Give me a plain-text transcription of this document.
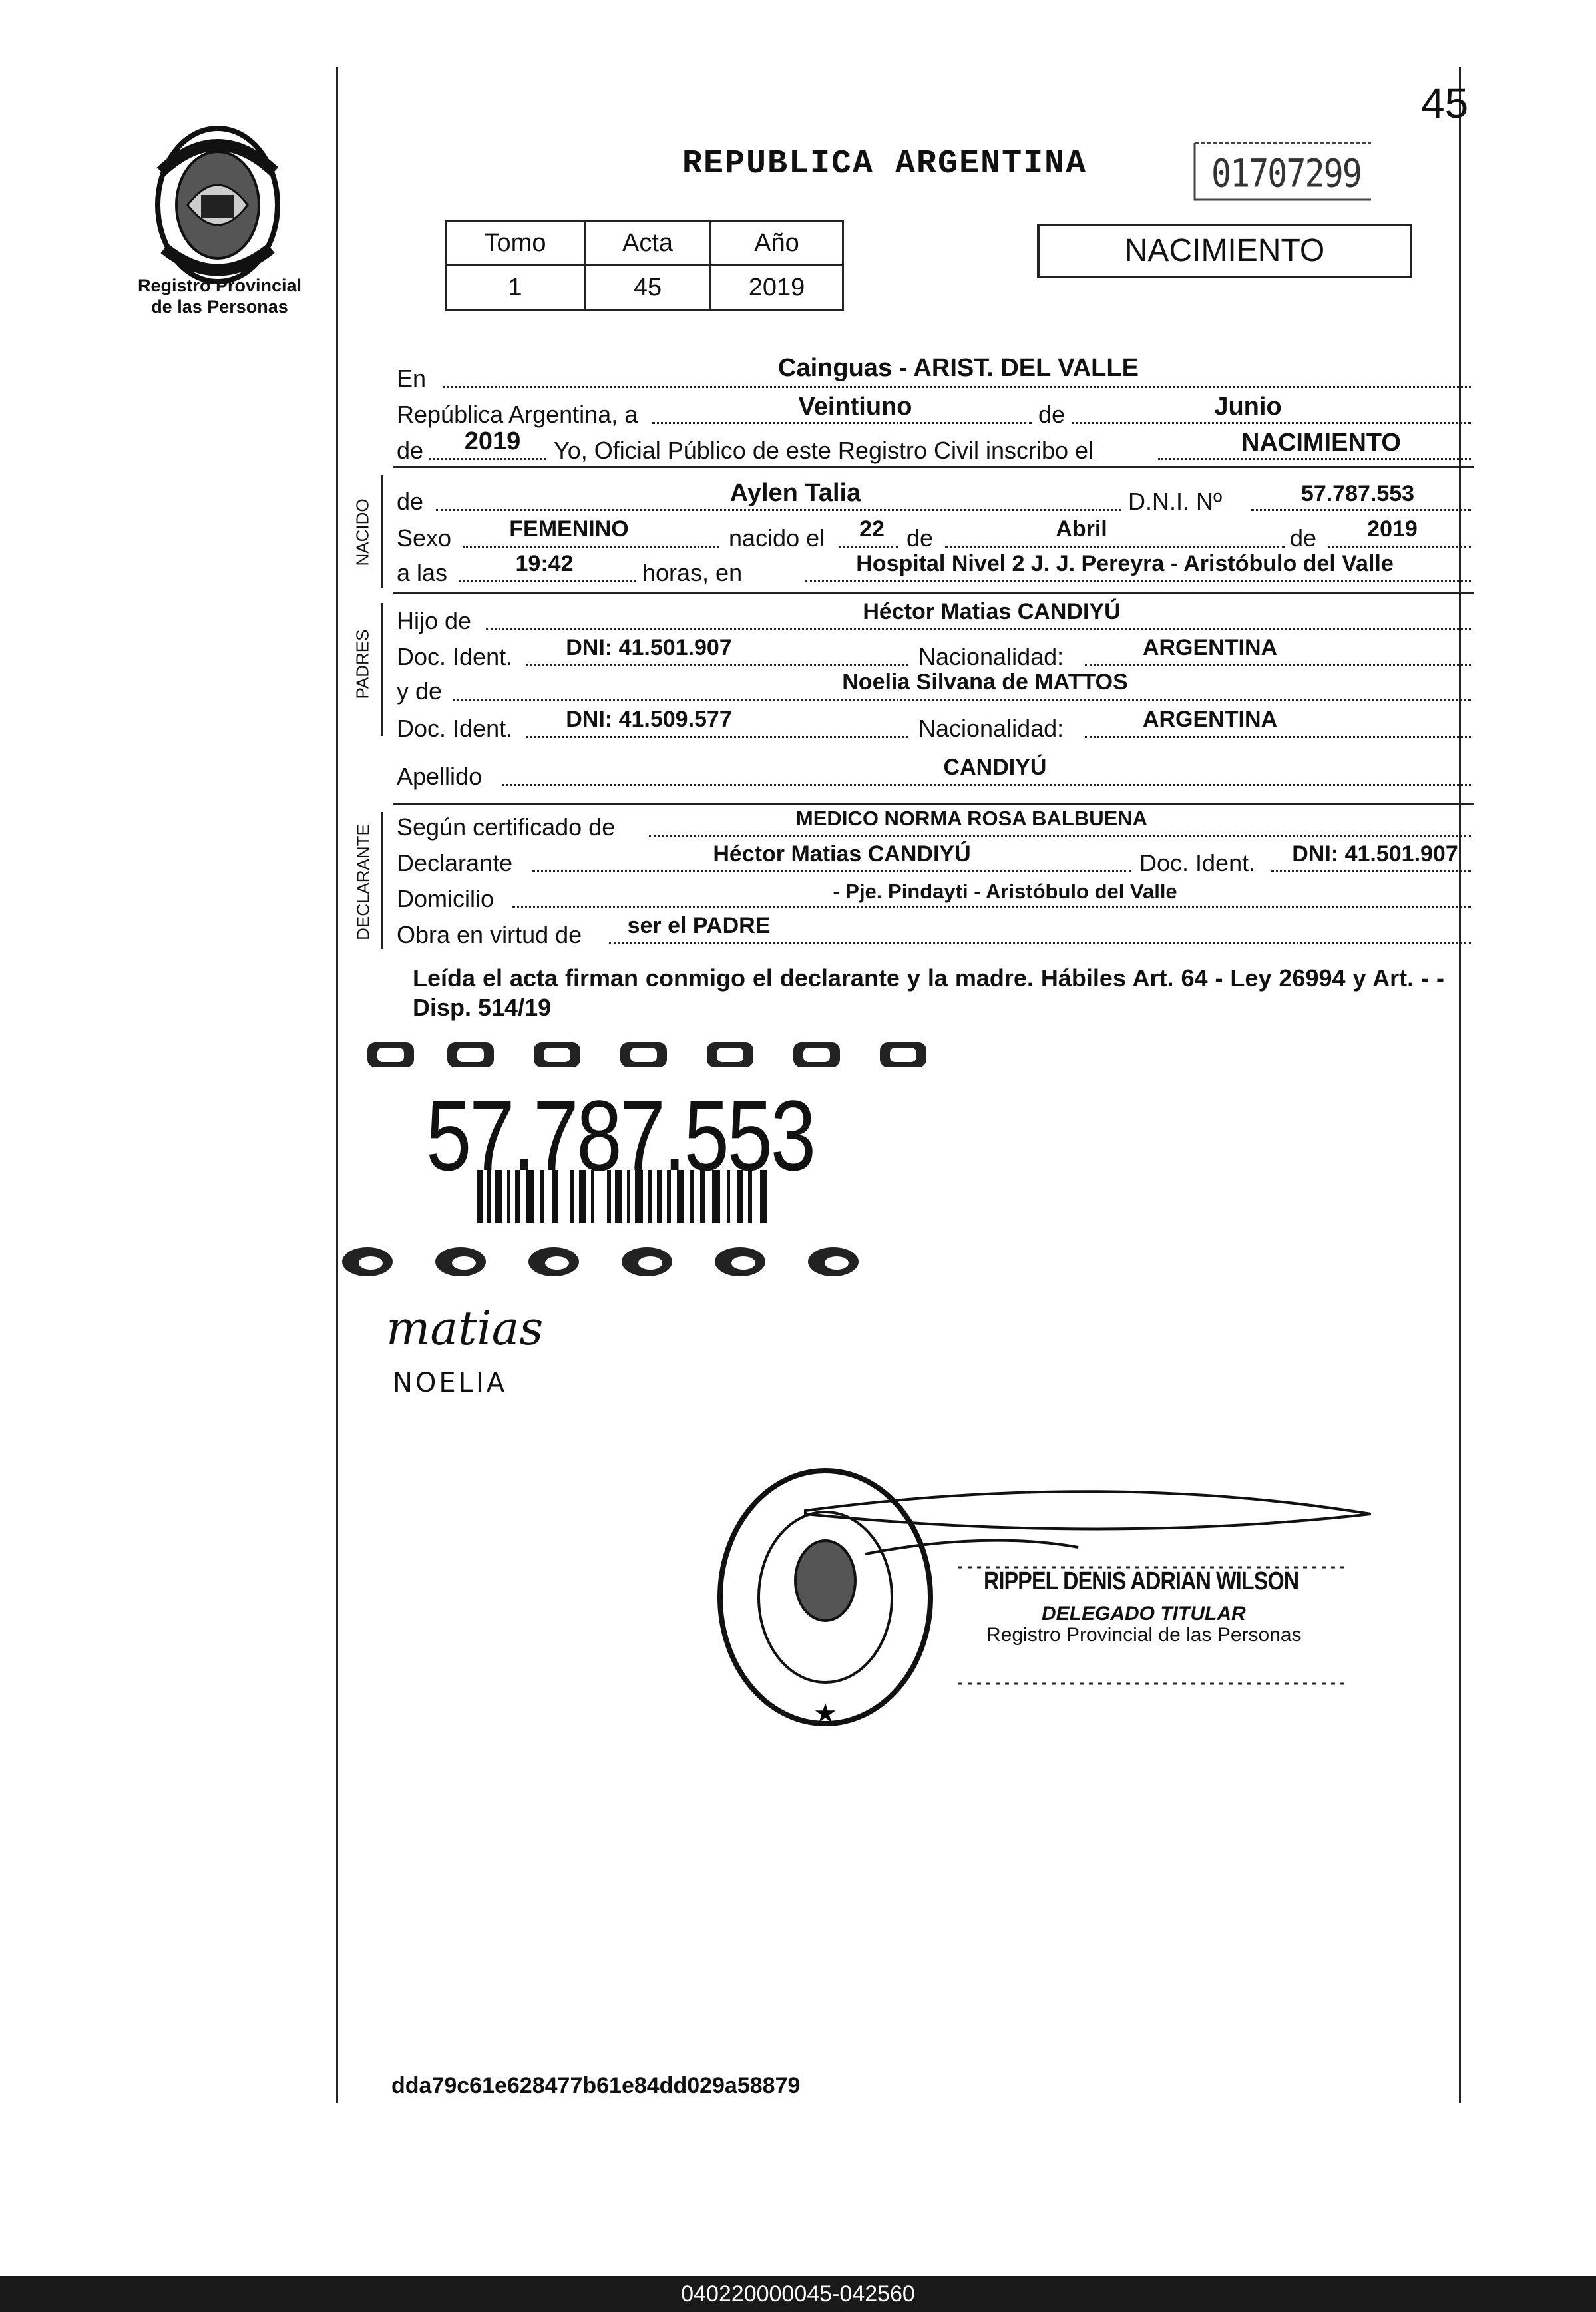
45
Registro Provincial
de las Personas
REPUBLICA ARGENTINA	01707299
Tomo	Acta	Año
1	45	2019
NACIMIENTO
En	Cainguas - ARIST. DEL VALLE
República Argentina, a	Veintiuno	de	Junio
de 2019 Yo, Oficial Público de este Registro Civil inscribo el	NACIMIENTO
NACIDO de	Aylen Talia	D.N.I. Nº	57.787.553
Sexo	FEMENINO	nacido el 22 de	Abril	de 2019
a las	19:42	horas, en	Hospital Nivel 2 J. J. Pereyra - Aristóbulo del Valle
PADRES
Hijo de	Héctor Matias CANDIYÚ
Doc. Ident. DNI: 41.501.907	Nacionalidad:	ARGENTINA
y de	Noelia Silvana de MATTOS
Doc. Ident. DNI: 41.509.577	Nacionalidad:	ARGENTINA
Apellido	CANDIYÚ
DECLARANTE Según certificado de	MEDICO NORMA ROSA BALBUENA
Declarante	Héctor Matias CANDIYÚ	Doc. Ident. DNI: 41.501.907
Domicilio	- Pje. Pindayti - Aristóbulo del Valle
Obra en virtud de ser el PADRE
Leída el acta firman conmigo el declarante y la madre. Hábiles Art. 64 - Ley 26994 y Art. - - Disp. 514/19
57.787.553
matias
NOELIA
★
RIPPEL DENIS ADRIAN WILSON
DELEGADO TITULAR
Registro Provincial de las Personas
dda79c61e628477b61e84dd029a58879
040220000045-042560
